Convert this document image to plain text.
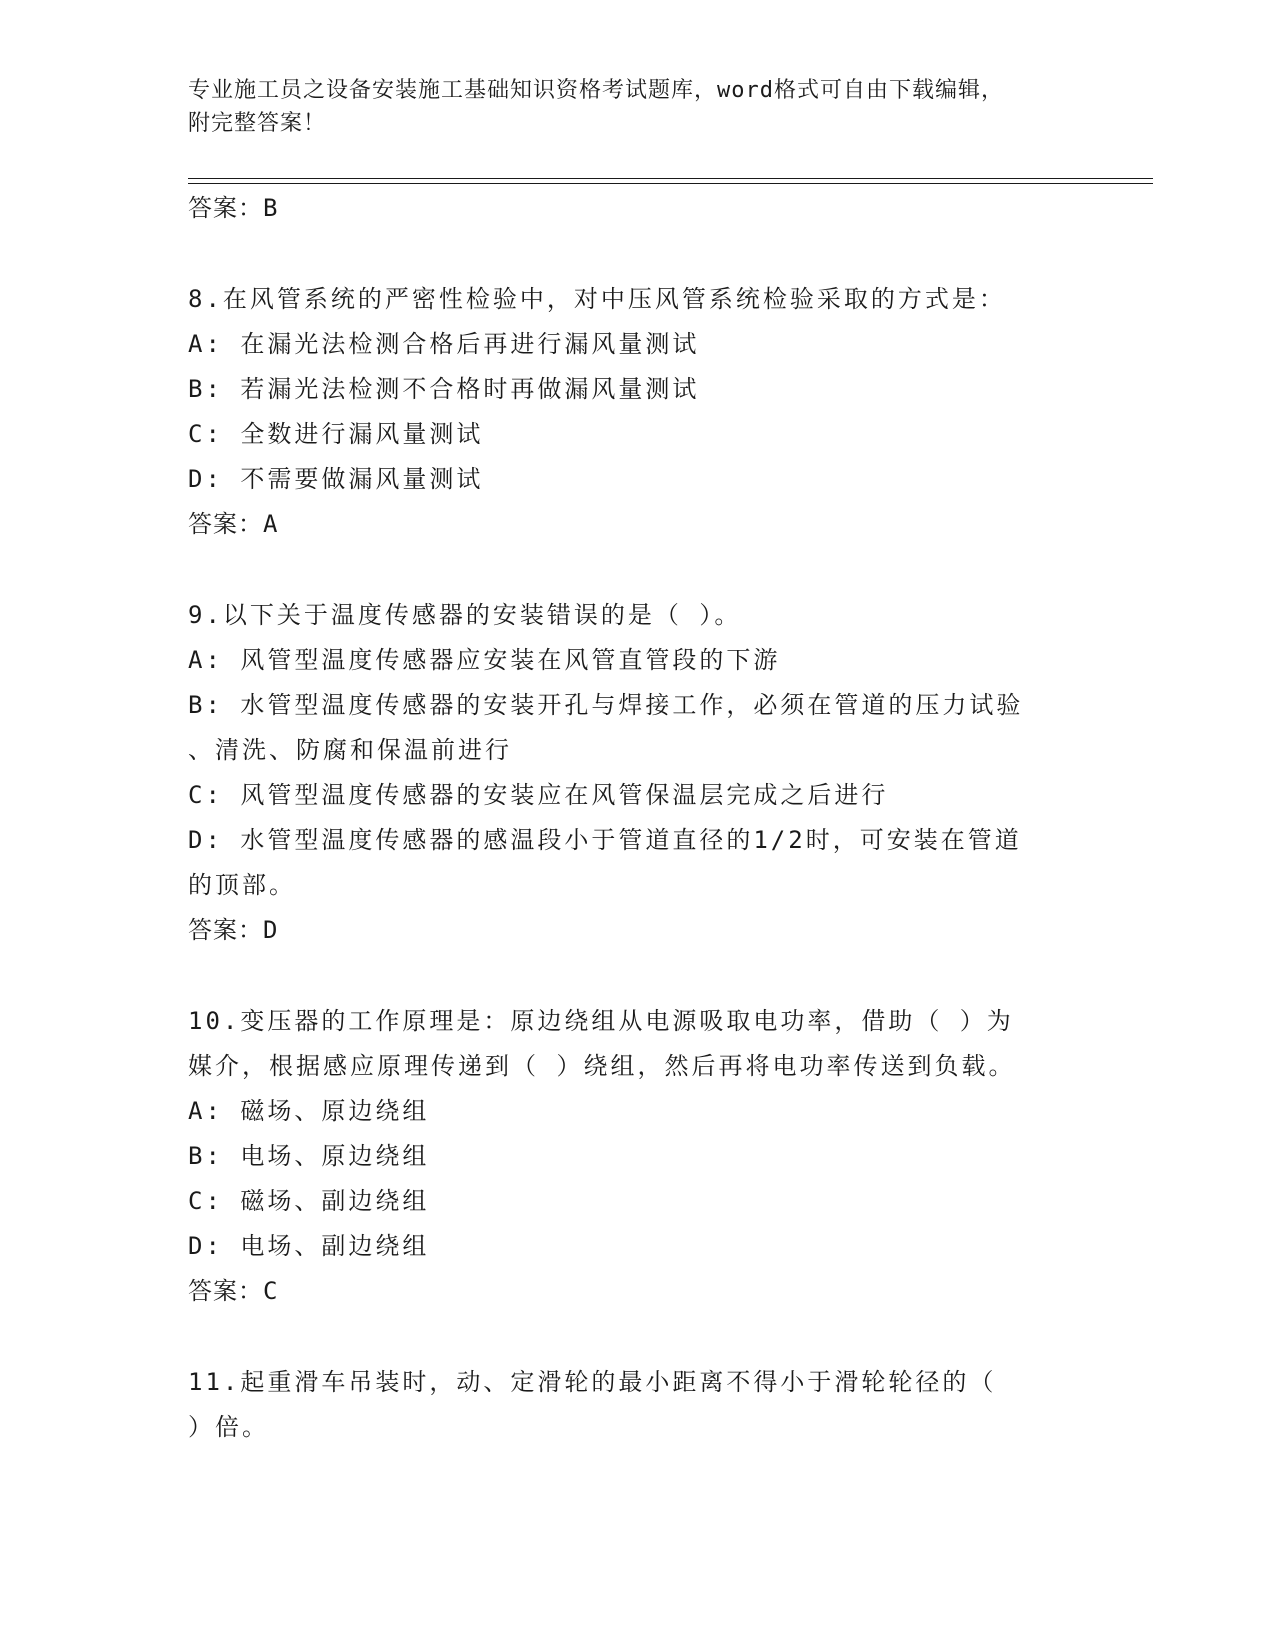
专业施工员之设备安装施工基础知识资格考试题库，word格式可自由下载编辑，
附完整答案！
答案：B
8.在风管系统的严密性检验中，对中压风管系统检验采取的方式是：
A: 在漏光法检测合格后再进行漏风量测试
B: 若漏光法检测不合格时再做漏风量测试
C: 全数进行漏风量测试
D: 不需要做漏风量测试
答案：A
9.以下关于温度传感器的安装错误的是（ ）。
A: 风管型温度传感器应安装在风管直管段的下游
B: 水管型温度传感器的安装开孔与焊接工作，必须在管道的压力试验
、清洗、防腐和保温前进行
C: 风管型温度传感器的安装应在风管保温层完成之后进行
D: 水管型温度传感器的感温段小于管道直径的1/2时，可安装在管道
的顶部。
答案：D
10.变压器的工作原理是：原边绕组从电源吸取电功率，借助（ ）为
媒介，根据感应原理传递到（ ）绕组，然后再将电功率传送到负载。
A: 磁场、原边绕组
B: 电场、原边绕组
C: 磁场、副边绕组
D: 电场、副边绕组
答案：C
11.起重滑车吊装时，动、定滑轮的最小距离不得小于滑轮轮径的（
）倍。
